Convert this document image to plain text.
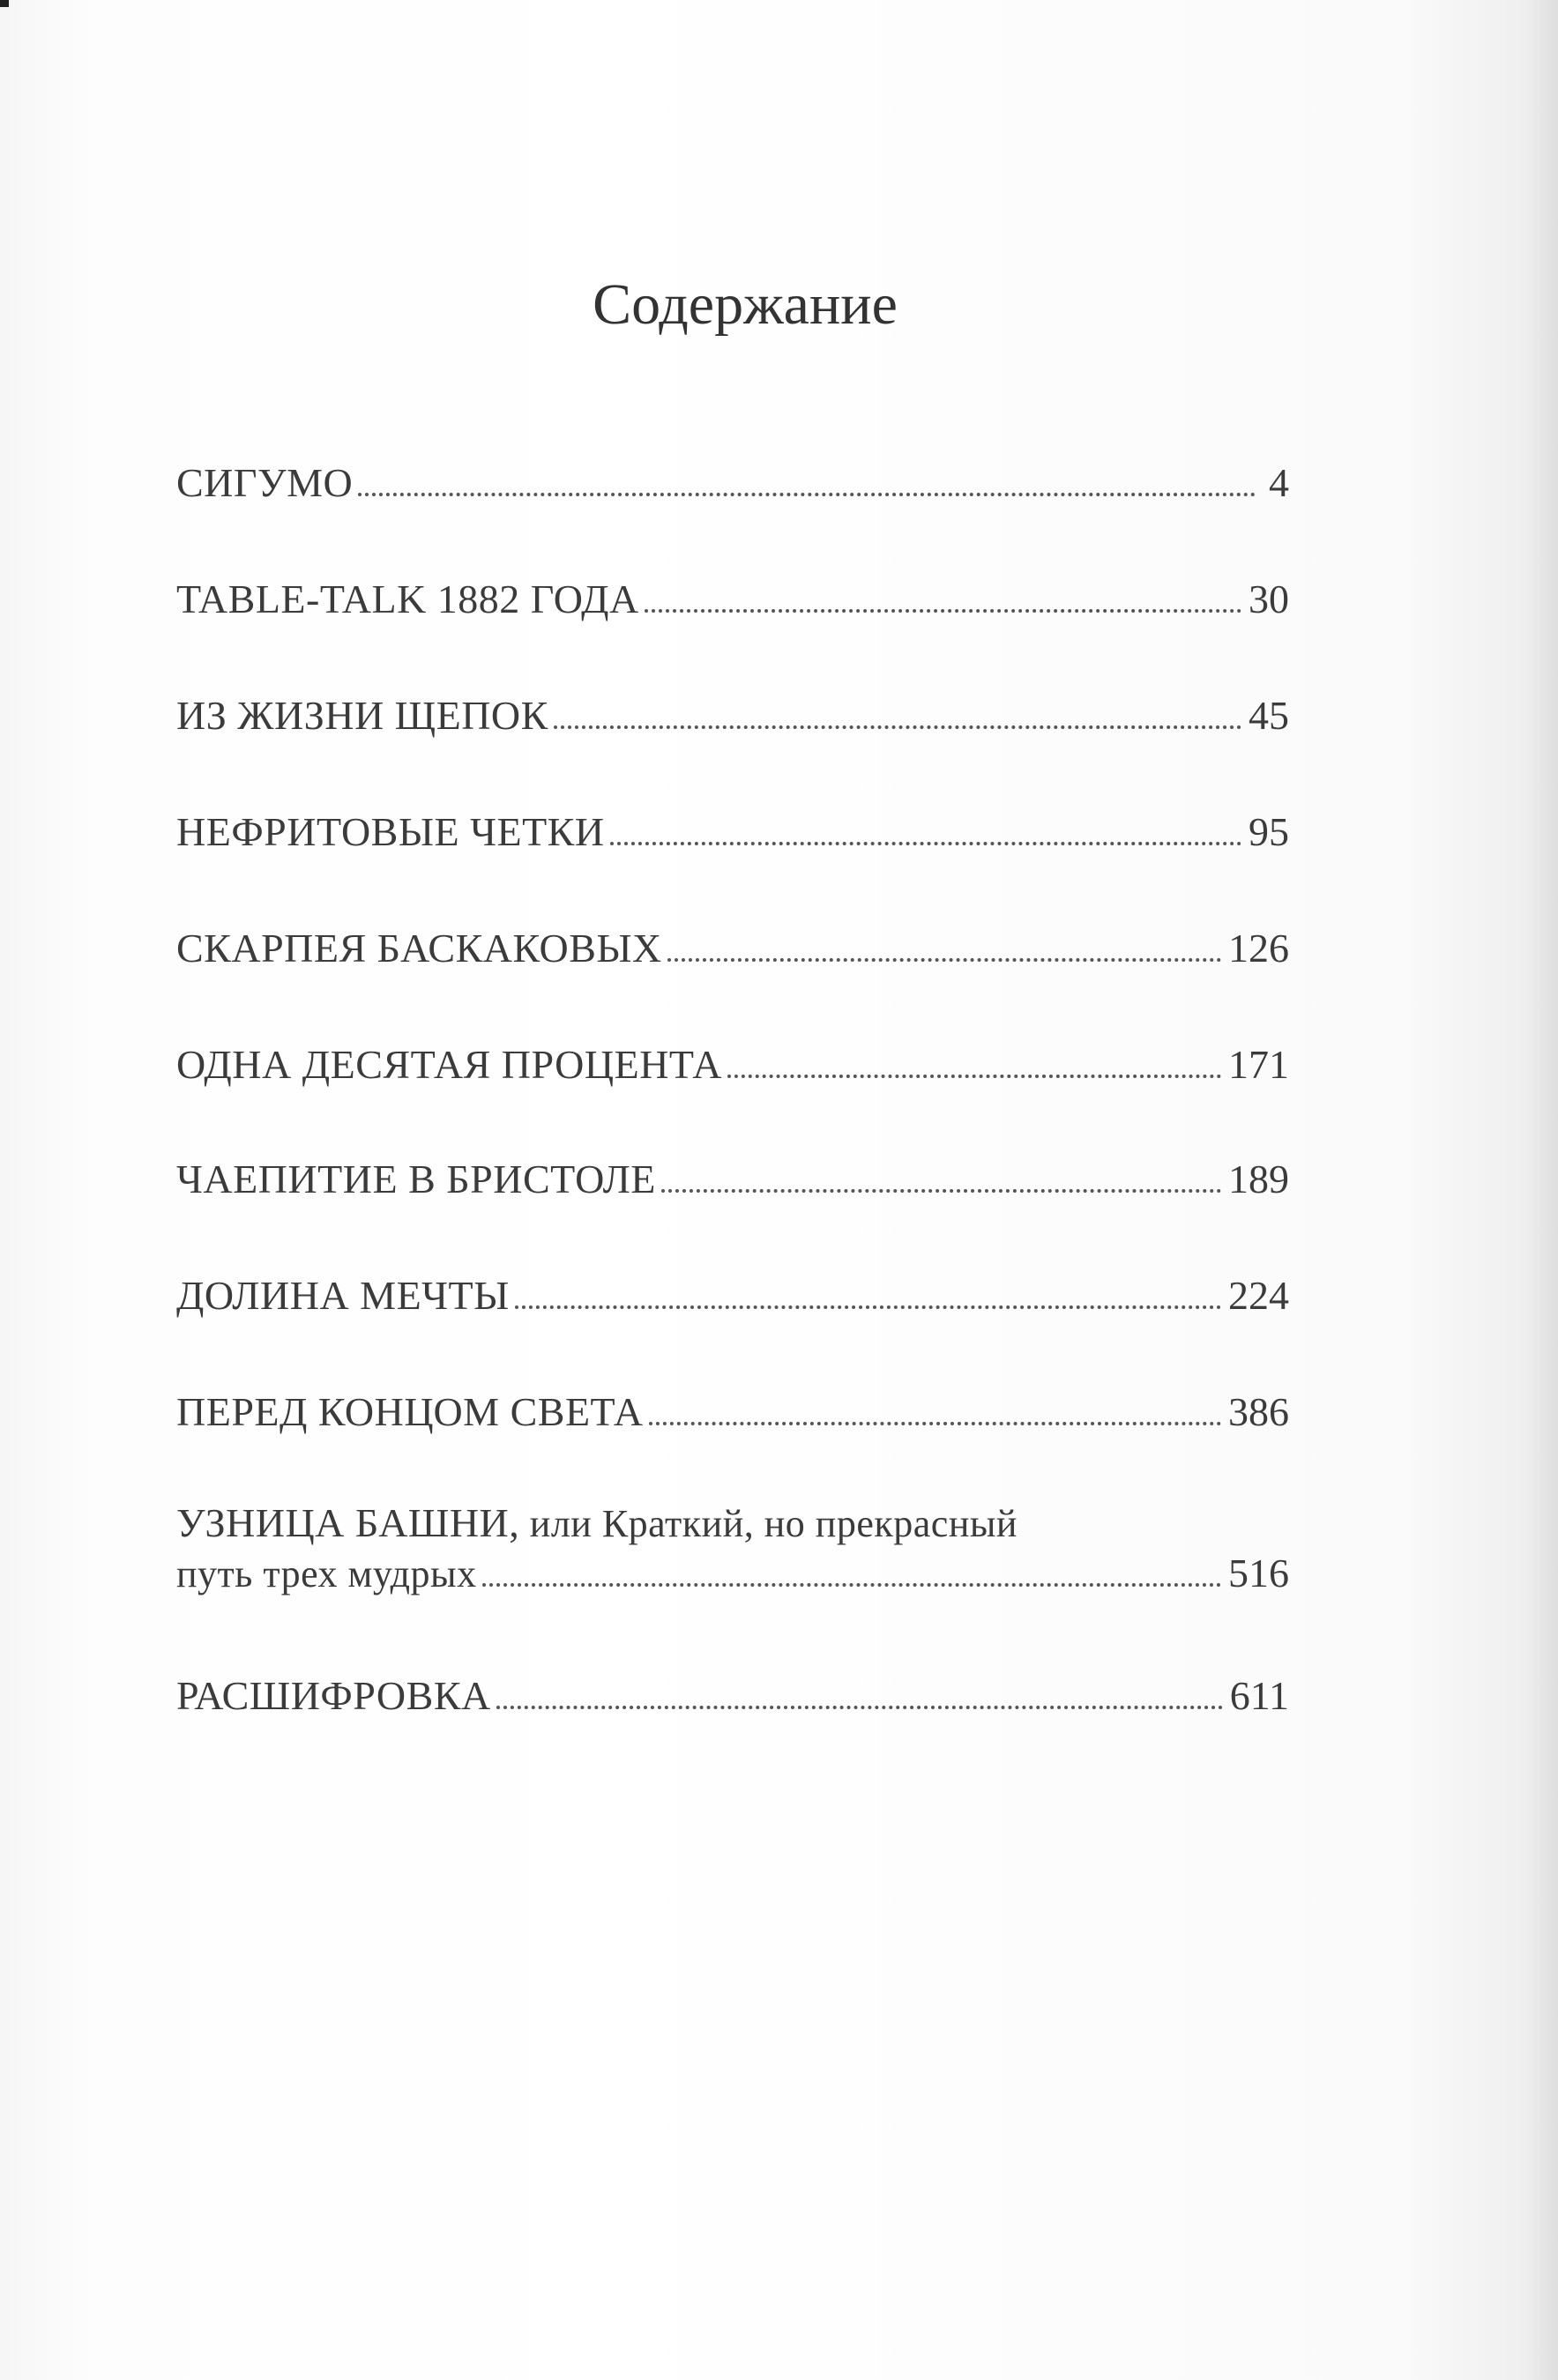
Содержание
СИГУМО	4
TABLE-TALK 1882 ГОДА	30
ИЗ ЖИЗНИ ЩЕПОК	45
НЕФРИТОВЫЕ ЧЕТКИ	95
СКАРПЕЯ БАСКАКОВЫХ	126
ОДНА ДЕСЯТАЯ ПРОЦЕНТА	171
ЧАЕПИТИЕ В БРИСТОЛЕ	189
ДОЛИНА МЕЧТЫ	224
ПЕРЕД КОНЦОМ СВЕТА	386
УЗНИЦА БАШНИ, или Краткий, но прекрасный
путь трех мудрых	516
РАСШИФРОВКА	611
